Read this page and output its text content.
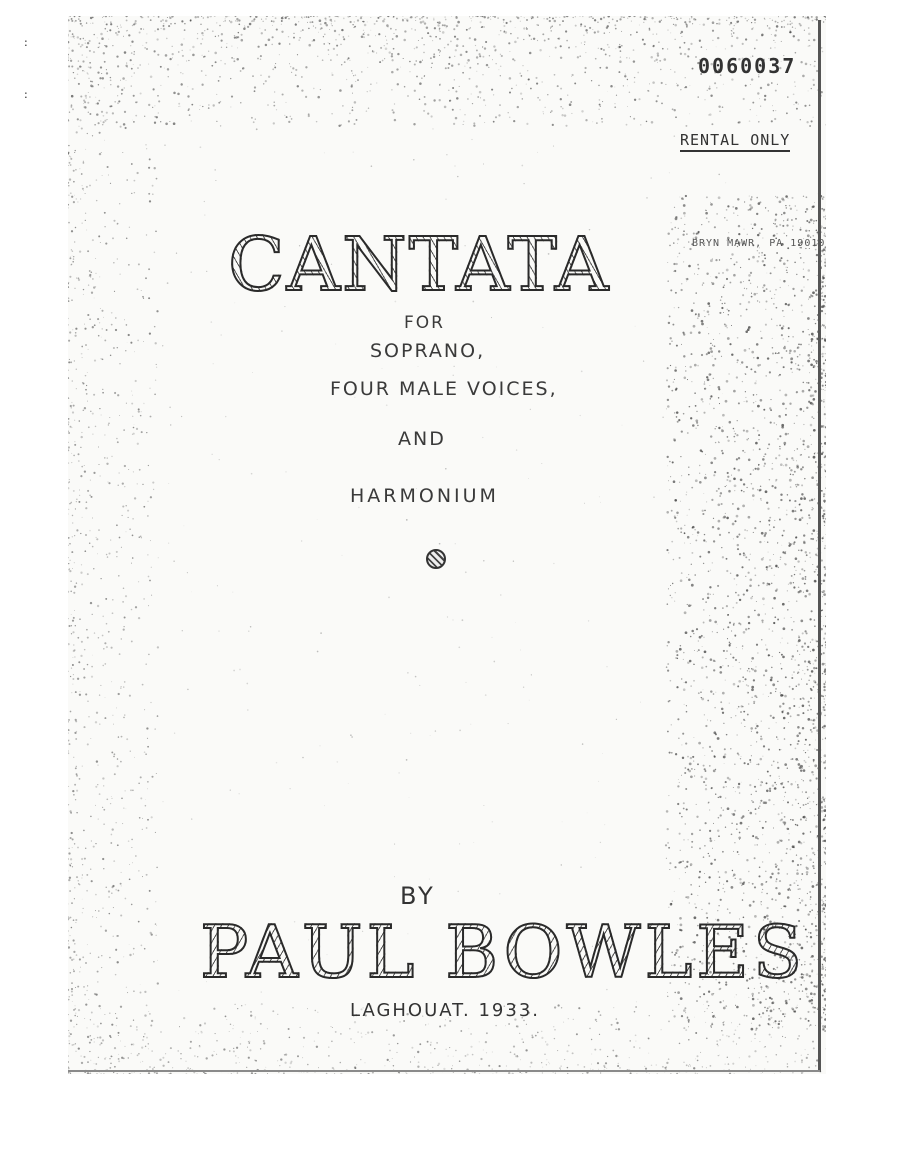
:
:
0060037
RENTAL ONLY
BRYN MAWR, PA 19010
CANTATA
FOR
SOPRANO,
FOUR MALE VOICES,
AND
HARMONIUM
BY
PAUL BOWLES
LAGHOUAT. 1933.
